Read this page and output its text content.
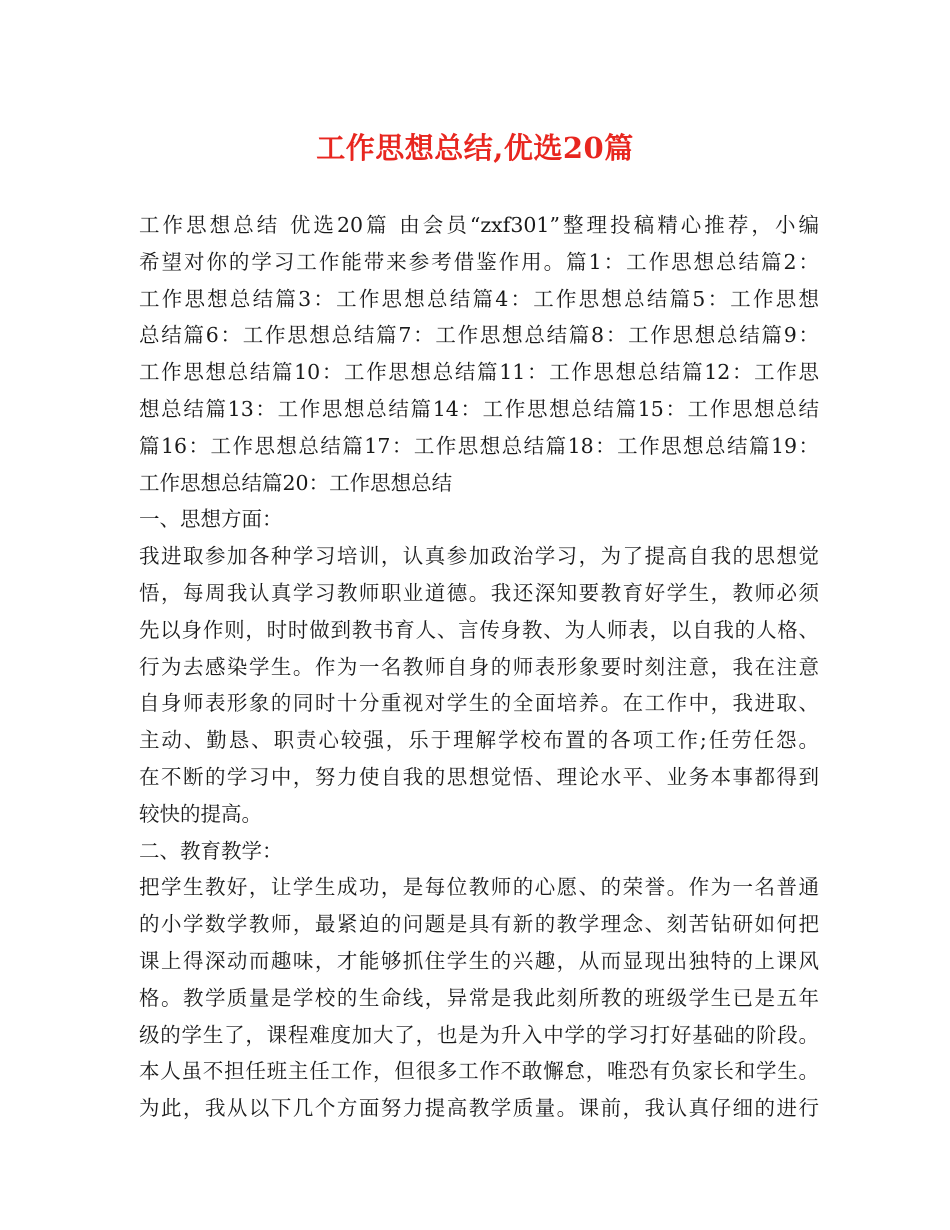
工作思想总结,优选20篇
工作思想总结 优选20篇 由会员“zxf301”整理投稿精心推荐，小编
希望对你的学习工作能带来参考借鉴作用。篇1：工作思想总结篇2：
工作思想总结篇3：工作思想总结篇4：工作思想总结篇5：工作思想
总结篇6：工作思想总结篇7：工作思想总结篇8：工作思想总结篇9：
工作思想总结篇10：工作思想总结篇11：工作思想总结篇12：工作思
想总结篇13：工作思想总结篇14：工作思想总结篇15：工作思想总结
篇16：工作思想总结篇17：工作思想总结篇18：工作思想总结篇19：
工作思想总结篇20：工作思想总结
一、思想方面：
我进取参加各种学习培训，认真参加政治学习，为了提高自我的思想觉
悟，每周我认真学习教师职业道德。我还深知要教育好学生，教师必须
先以身作则，时时做到教书育人、言传身教、为人师表，以自我的人格、
行为去感染学生。作为一名教师自身的师表形象要时刻注意，我在注意
自身师表形象的同时十分重视对学生的全面培养。在工作中，我进取、
主动、勤恳、职责心较强，乐于理解学校布置的各项工作;任劳任怨。
在不断的学习中，努力使自我的思想觉悟、理论水平、业务本事都得到
较快的提高。
二、教育教学：
把学生教好，让学生成功，是每位教师的心愿、的荣誉。作为一名普通
的小学数学教师，最紧迫的问题是具有新的教学理念、刻苦钻研如何把
课上得深动而趣味，才能够抓住学生的兴趣，从而显现出独特的上课风
格。教学质量是学校的生命线，异常是我此刻所教的班级学生已是五年
级的学生了，课程难度加大了，也是为升入中学的学习打好基础的阶段。
本人虽不担任班主任工作，但很多工作不敢懈怠，唯恐有负家长和学生。
为此，我从以下几个方面努力提高教学质量。课前，我认真仔细的进行
